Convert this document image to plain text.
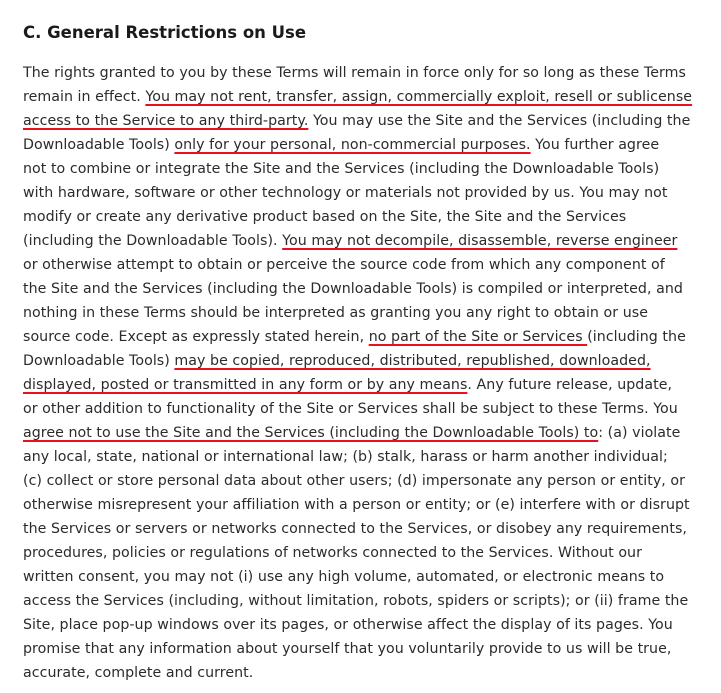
C. General Restrictions on Use
The rights granted to you by these Terms will remain in force only for so long as these Terms
remain in effect. You may not rent, transfer, assign, commercially exploit, resell or sublicense
access to the Service to any third-party. You may use the Site and the Services (including the
Downloadable Tools) only for your personal, non-commercial purposes. You further agree
not to combine or integrate the Site and the Services (including the Downloadable Tools)
with hardware, software or other technology or materials not provided by us. You may not
modify or create any derivative product based on the Site, the Site and the Services
(including the Downloadable Tools). You may not decompile, disassemble, reverse engineer
or otherwise attempt to obtain or perceive the source code from which any component of
the Site and the Services (including the Downloadable Tools) is compiled or interpreted, and
nothing in these Terms should be interpreted as granting you any right to obtain or use
source code. Except as expressly stated herein, no part of the Site or Services (including the
Downloadable Tools) may be copied, reproduced, distributed, republished, downloaded,
displayed, posted or transmitted in any form or by any means. Any future release, update,
or other addition to functionality of the Site or Services shall be subject to these Terms. You
agree not to use the Site and the Services (including the Downloadable Tools) to: (a) violate
any local, state, national or international law; (b) stalk, harass or harm another individual;
(c) collect or store personal data about other users; (d) impersonate any person or entity, or
otherwise misrepresent your affiliation with a person or entity; or (e) interfere with or disrupt
the Services or servers or networks connected to the Services, or disobey any requirements,
procedures, policies or regulations of networks connected to the Services. Without our
written consent, you may not (i) use any high volume, automated, or electronic means to
access the Services (including, without limitation, robots, spiders or scripts); or (ii) frame the
Site, place pop-up windows over its pages, or otherwise affect the display of its pages. You
promise that any information about yourself that you voluntarily provide to us will be true,
accurate, complete and current.
